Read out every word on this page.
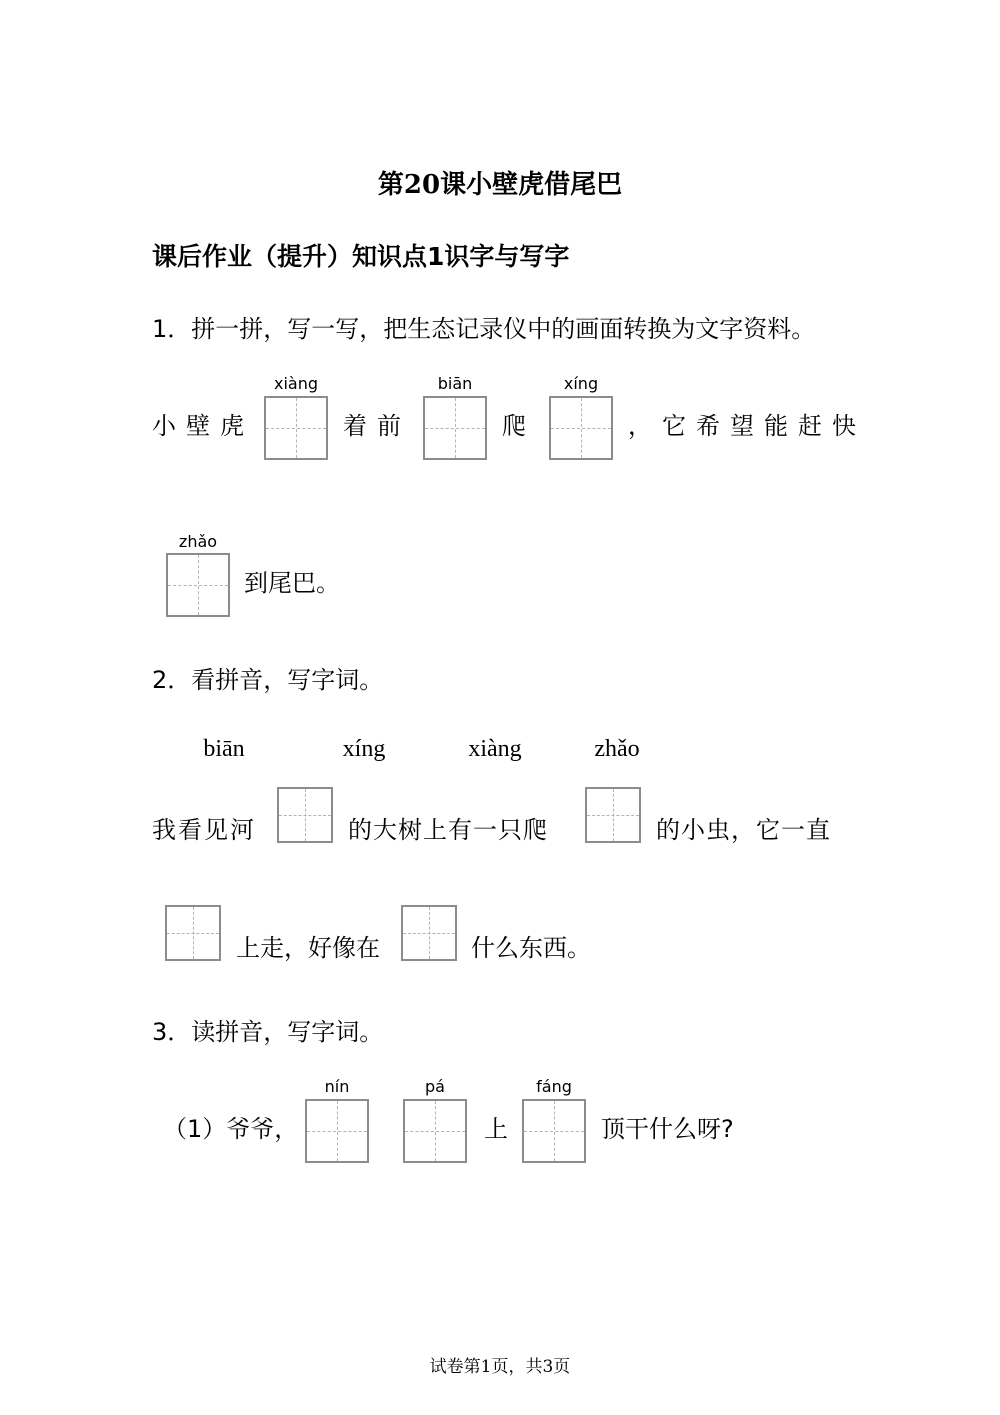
第20课小壁虎借尾巴
课后作业（提升）知识点1识字与写字
1．拼一拼，写一写，把生态记录仪中的画面转换为文字资料。
小壁虎
xiàng
着前
biān
爬
xíng
，它希望能赶快
zhǎo
到尾巴。
2．看拼音，写字词。
biān	xíng	xiàng	zhǎo
我看见河	的大树上有一只爬	的小虫，它一直
上走，好像在	什么东西。
3．读拼音，写字词。
（1）爷爷，
nín	pá
上
fáng
顶干什么呀?
试卷第1页，共3页
